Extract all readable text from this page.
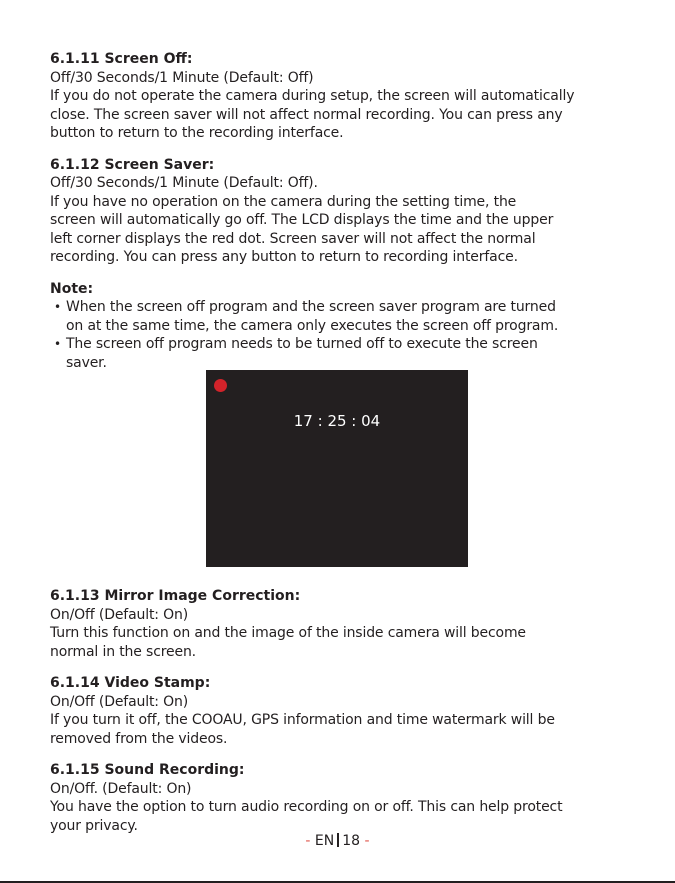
6.1.11 Screen Off:

Off/30 Seconds/1 Minute (Default: Off)

If you do not operate the camera during setup, the screen will automatically

close. The screen saver will not affect normal recording. You can press any

button to return to the recording interface.

6.1.12 Screen Saver:

Off/30 Seconds/1 Minute (Default: Off).

If you have no operation on the camera during the setting time, the

screen will automatically go off. The LCD displays the time and the upper

left corner displays the red dot. Screen saver will not affect the normal

recording. You can press any button to return to recording interface.

Note:

• When the screen off program and the screen saver program are turned
on at the same time, the camera only executes the screen off program.
• The screen off program needs to be turned off to execute the screen
saver.
17 : 25 : 04

6.1.13 Mirror Image Correction:

On/Off (Default: On)

Turn this function on and the image of the inside camera will become

normal in the screen.

6.1.14 Video Stamp:

On/Off (Default: On)

If you turn it off, the COOAU, GPS information and time watermark will be

removed from the videos.

6.1.15 Sound Recording:

On/Off. (Default: On)

You have the option to turn audio recording on or off. This can help protect

your privacy.

- EN 18 -
